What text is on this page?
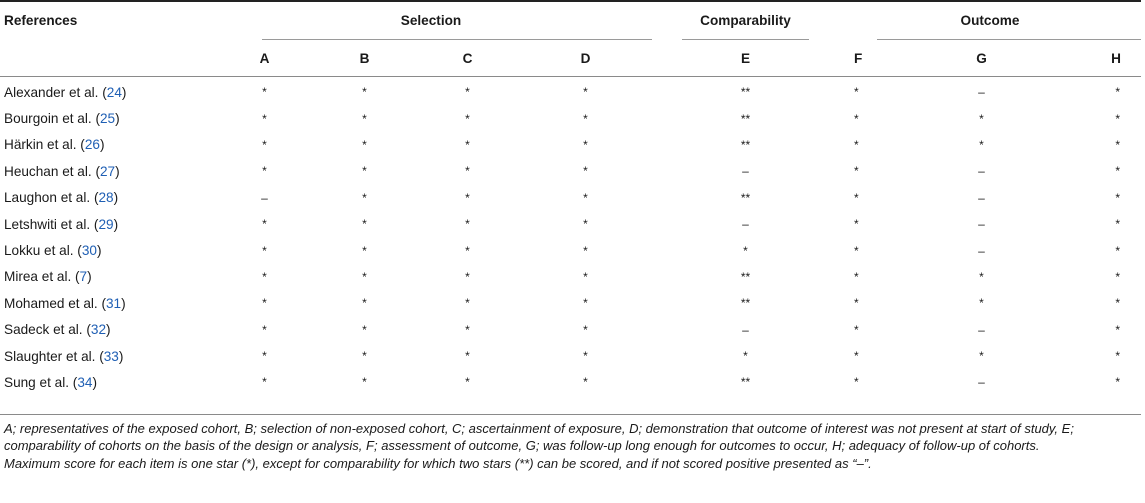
References	Selection				Comparability	Outcome		

	A	B	C	D	E	F	G	H
Alexander et al. (24)	*	*	*	*	**	*	–	*
Bourgoin et al. (25)	*	*	*	*	**	*	*	*
Härkin et al. (26)	*	*	*	*	**	*	*	*
Heuchan et al. (27)	*	*	*	*	–	*	–	*
Laughon et al. (28)	–	*	*	*	**	*	–	*
Letshwiti et al. (29)	*	*	*	*	–	*	–	*
Lokku et al. (30)	*	*	*	*	*	*	–	*
Mirea et al. (7)	*	*	*	*	**	*	*	*
Mohamed et al. (31)	*	*	*	*	**	*	*	*
Sadeck et al. (32)	*	*	*	*	–	*	–	*
Slaughter et al. (33)	*	*	*	*	*	*	*	*
Sung et al. (34)	*	*	*	*	**	*	–	*

A; representatives of the exposed cohort, B; selection of non-exposed cohort, C; ascertainment of exposure, D; demonstration that outcome of interest was not present at start of study, E; comparability of cohorts on the basis of the design or analysis, F; assessment of outcome, G; was follow-up long enough for outcomes to occur, H; adequacy of follow-up of cohorts.

Maximum score for each item is one star (*), except for comparability for which two stars (**) can be scored, and if not scored positive presented as “–”.
